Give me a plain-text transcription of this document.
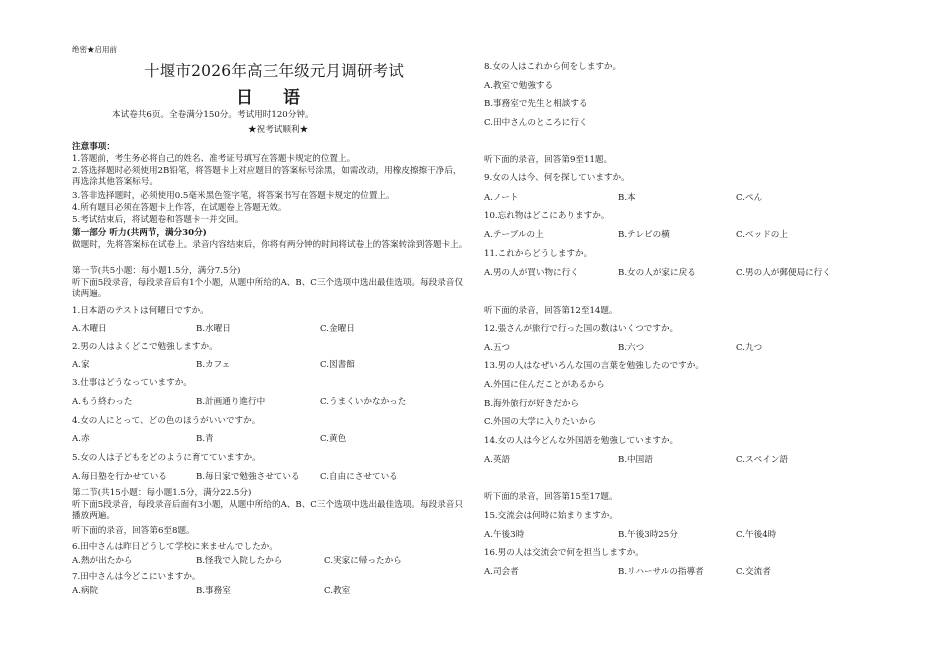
绝密★启用前
十堰市2026年高三年级元月调研考试
日语
本试卷共6页。全卷满分150分。考试用时120分钟。
★祝考试顺利★
注意事项：
1.答题前，考生务必将自己的姓名、准考证号填写在答题卡规定的位置上。
2.答选择题时必须使用2B铅笔，将答题卡上对应题目的答案标号涂黑，如需改动，用橡皮擦擦干净后，再选涂其他答案标号。
3.答非选择题时，必须使用0.5毫米黑色签字笔，将答案书写在答题卡规定的位置上。
4.所有题目必须在答题卡上作答，在试题卷上答题无效。
5.考试结束后，将试题卷和答题卡一并交回。
第一部分 听力(共两节，满分30分)
做题时，先将答案标在试卷上。录音内容结束后，你将有两分钟的时间将试卷上的答案转涂到答题卡上。
第一节(共5小题：每小题1.5分，满分7.5分)
听下面5段录音，每段录音后有1个小题，从题中所给的A、B、C三个选项中选出最佳选项。每段录音仅读两遍。
1.日本語のテストは何曜日ですか。
A.木曜日	B.水曜日	C.金曜日
2.男の人はよくどこで勉強しますか。
A.家	B.カフェ	C.図書館
3.仕事はどうなっていますか。
A.もう終わった	B.計画通り進行中	C.うまくいかなかった
4.女の人にとって、どの色のほうがいいですか。
A.赤	B.青	C.黄色
5.女の人は子どもをどのように育てていますか。
A.毎日塾を行かせている	B.毎日家で勉強させている C.自由にさせている
第二节(共15小题：每小题1.5分，满分22.5分)
听下面5段录音，每段录音后面有3小题，从题中所给的A、B、C三个选项中选出最佳选项。每段录音只播放两遍。
听下面的录音，回答第6至8题。
6.田中さんは昨日どうして学校に来ませんでしたか。
A.熱が出たから	B.怪我で入院したから	C.実家に帰ったから
7.田中さんは今どこにいますか。
A.病院	B.事務室	C.教室
8.女の人はこれから何をしますか。
A.教室で勉強する
B.事務室で先生と相談する
C.田中さんのところに行く
听下面的录音，回答第9至11题。
9.女の人は今、何を探していますか。
A.ノート	B.本	C.ぺん
10.忘れ物はどこにありますか。
A.テーブルの上	B.テレビの横	C.ベッドの上
11.これからどうしますか。
A.男の人が買い物に行く	B.女の人が家に戻る	C.男の人が郵便局に行く
听下面的录音，回答第12至14题。
12.張さんが旅行で行った国の数はいくつですか。
A.五つ	B.六つ	C.九つ
13.男の人はなぜいろんな国の言葉を勉強したのですか。
A.外国に住んだことがあるから
B.海外旅行が好きだから
C.外国の大学に入りたいから
14.女の人は今どんな外国語を勉強していますか。
A.英語	B.中国語	C.スペイン語
听下面的录音，回答第15至17题。
15.交流会は何時に始まりますか。
A.午後3時	B.午後3時25分	C.午後4時
16.男の人は交流会で何を担当しますか。
A.司会者	B.リハーサルの指導者	C.交流者
